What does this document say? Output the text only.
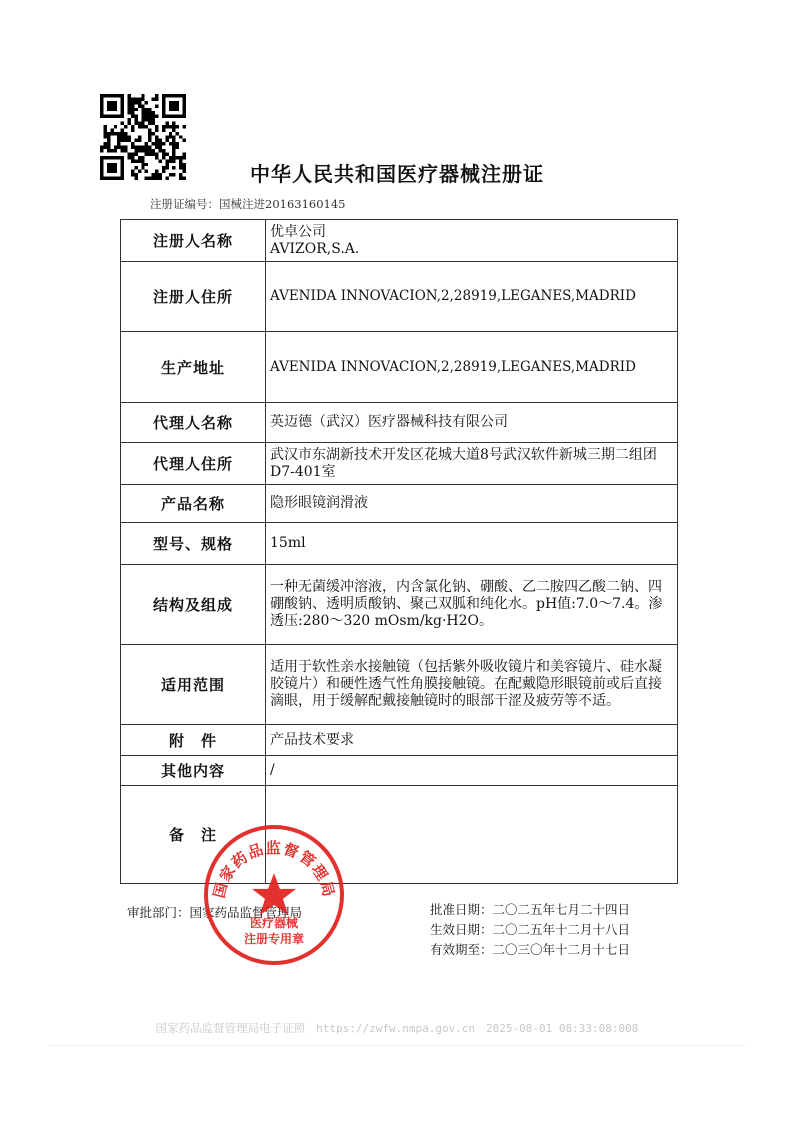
中华人民共和国医疗器械注册证
注册证编号：国械注进20163160145
注册人名称	优卓公司
AVIZOR,S.A.

注册人住所	AVENIDA INNOVACION,2,28919,LEGANES,MADRID
生产地址	AVENIDA INNOVACION,2,28919,LEGANES,MADRID
代理人名称	英迈德（武汉）医疗器械科技有限公司
代理人住所	武汉市东湖新技术开发区花城大道8号武汉软件新城三期二组团D7-401室
产品名称	隐形眼镜润滑液
型号、规格	15ml
结构及组成	一种无菌缓冲溶液，内含氯化钠、硼酸、乙二胺四乙酸二钠、四硼酸钠、透明质酸钠、聚己双胍和纯化水。pH值:7.0～7.4。渗透压:280～320 mOsm/kg·H2O。
适用范围	适用于软性亲水接触镜（包括紫外吸收镜片和美容镜片、硅水凝胶镜片）和硬性透气性角膜接触镜。在配戴隐形眼镜前或后直接滴眼，用于缓解配戴接触镜时的眼部干涩及疲劳等不适。
附　件	产品技术要求
其他内容	/
备　注	
审批部门：国家药品监督管理局	批准日期：二〇二五年七月二十四日
生效日期：二〇二五年十二月十八日
有效期至：二〇三〇年十二月十七日
国家药品监督管理局
医疗器械
注册专用章
国家药品监督管理局电子证照 https://zwfw.nmpa.gov.cn 2025-08-01 08:33:08:008
